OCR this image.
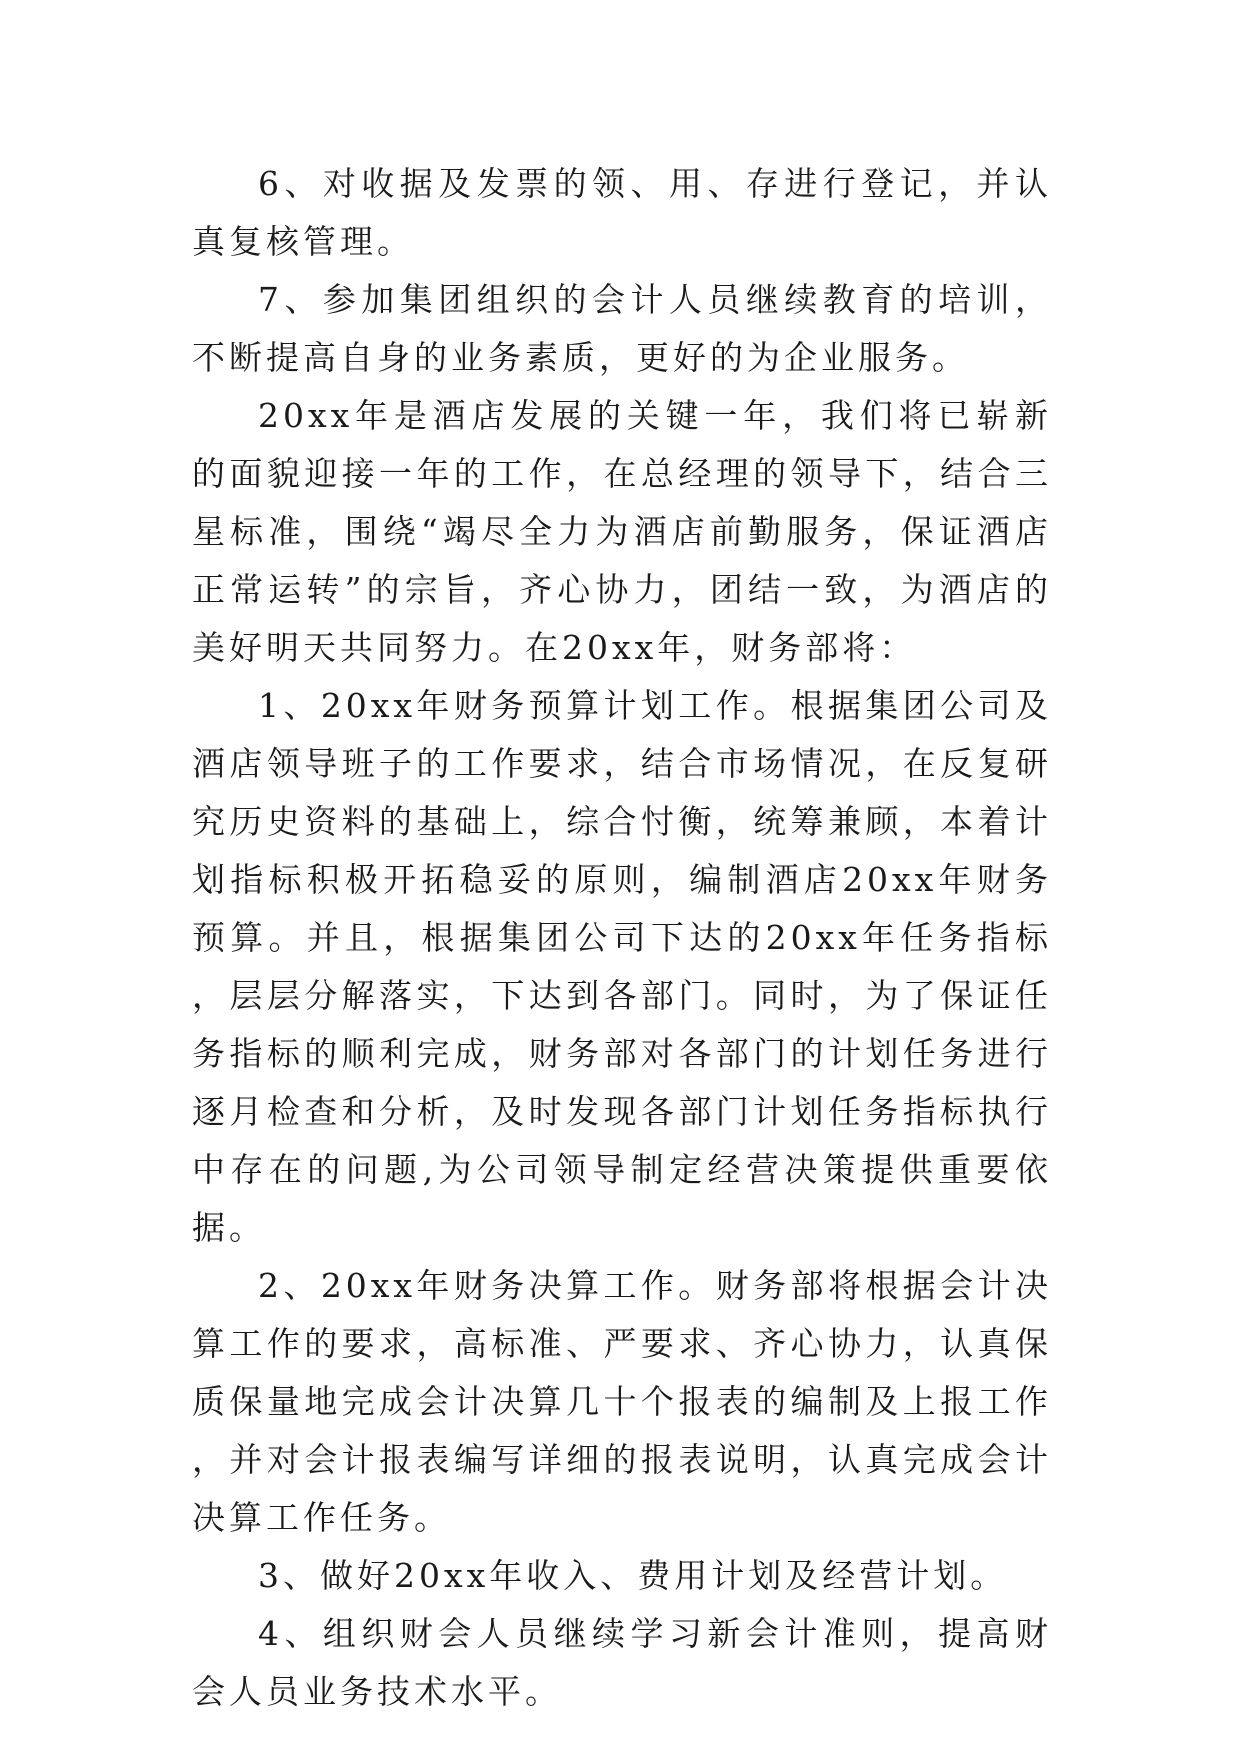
6、对收据及发票的领、用、存进行登记，并认真复核管理。

7、参加集团组织的会计人员继续教育的培训，不断提高自身的业务素质，更好的为企业服务。

20xx年是酒店发展的关键一年，我们将已崭新的面貌迎接一年的工作，在总经理的领导下，结合三星标准，围绕“竭尽全力为酒店前勤服务，保证酒店正常运转”的宗旨，齐心协力，团结一致，为酒店的美好明天共同努力。在20xx年，财务部将：

1、20xx年财务预算计划工作。根据集团公司及酒店领导班子的工作要求，结合市场情况，在反复研究历史资料的基础上，综合忖衡，统筹兼顾，本着计划指标积极开拓稳妥的原则，编制酒店20xx年财务预算。并且，根据集团公司下达的20xx年任务指标，层层分解落实，下达到各部门。同时，为了保证任务指标的顺利完成，财务部对各部门的计划任务进行逐月检查和分析，及时发现各部门计划任务指标执行中存在的问题,为公司领导制定经营决策提供重要依据。

2、20xx年财务决算工作。财务部将根据会计决算工作的要求，高标准、严要求、齐心协力，认真保质保量地完成会计决算几十个报表的编制及上报工作，并对会计报表编写详细的报表说明，认真完成会计决算工作任务。

3、做好20xx年收入、费用计划及经营计划。

4、组织财会人员继续学习新会计准则，提高财会人员业务技术水平。
